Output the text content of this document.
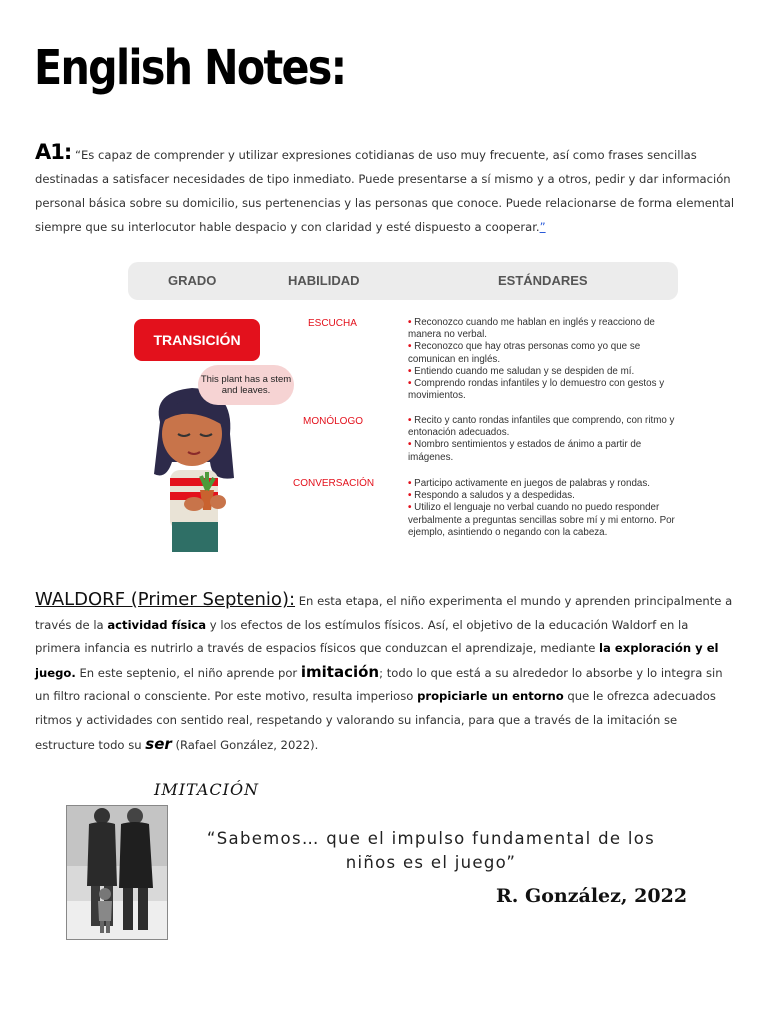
English Notes:
A1: “Es capaz de comprender y utilizar expresiones cotidianas de uso muy frecuente, así como frases sencillas destinadas a satisfacer necesidades de tipo inmediato. Puede presentarse a sí mismo y a otros, pedir y dar información personal básica sobre su domicilio, sus pertenencias y las personas que conoce. Puede relacionarse de forma elemental siempre que su interlocutor hable despacio y con claridad y esté dispuesto a cooperar.”
GRADO	HABILIDAD	ESTÁNDARES
TRANSICIÓN
This plant has a stem and leaves.
ESCUCHA	• Reconozco cuando me hablan en inglés y reacciono de manera no verbal.
• Reconozco que hay otras personas como yo que se comunican en inglés.
• Entiendo cuando me saludan y se despiden de mí.
• Comprendo rondas infantiles y lo demuestro con gestos y movimientos.
MONÓLOGO	• Recito y canto rondas infantiles que comprendo, con ritmo y entonación adecuados.
• Nombro sentimientos y estados de ánimo a partir de imágenes.
CONVERSACIÓN	• Participo activamente en juegos de palabras y rondas.
• Respondo a saludos y a despedidas.
• Utilizo el lenguaje no verbal cuando no puedo responder verbalmente a preguntas sencillas sobre mí y mi entorno. Por ejemplo, asintiendo o negando con la cabeza.
WALDORF (Primer Septenio): En esta etapa, el niño experimenta el mundo y aprenden principalmente a través de la actividad física y los efectos de los estímulos físicos. Así, el objetivo de la educación Waldorf en la primera infancia es nutrirlo a través de espacios físicos que conduzcan el aprendizaje, mediante la exploración y el juego. En este septenio, el niño aprende por imitación; todo lo que está a su alrededor lo absorbe y lo integra sin un filtro racional o consciente. Por este motivo, resulta imperioso propiciarle un entorno que le ofrezca adecuados ritmos y actividades con sentido real, respetando y valorando su infancia, para que a través de la imitación se estructure todo su ser (Rafael González, 2022).
IMITACIÓN
“Sabemos… que el impulso fundamental de los niños es el juego”
R. González, 2022
